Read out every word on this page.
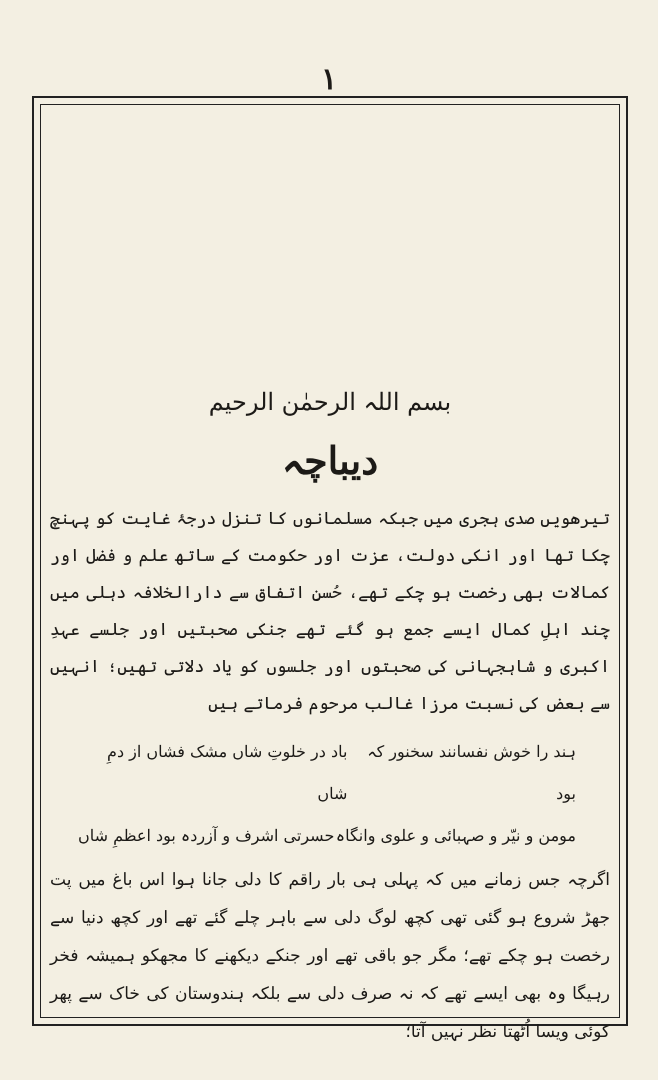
١
بسم اللہ الرحمٰن الرحیم
دیباچہ
تیرھویں صدی ہجری میں جبکہ مسلمانوں کا تنزل درجۂ غایت کو پہنچ چکا تھا اور انکی دولت، عزت اور حکومت کے ساتھ علم و فضل اور کمالات بھی رخصت ہو چکے تھے، حُسنِ اتفاق سے دارالخلافہ دہلی میں چند اہلِ کمال ایسے جمع ہو گئے تھے جنکی صحبتیں اور جلسے عہدِ اکبری و شاہجہانی کی صحبتوں اور جلسوں کو یاد دلاتی تھیں؛ انہیں سے بعض کی نسبت مرزا غالب مرحوم فرماتے ہیں
ہند را خوش نفسانند سخنور کہ بود
باد در خلوتِ شاں مشک فشاں از دمِ شاں
مومن و نیّر و صہبائی و علوی وانگاہ
حسرتی اشرف و آزردہ بود اعظمِ شاں
اگرچہ جس زمانے میں کہ پہلی ہی بار راقم کا دلی جانا ہوا اس باغ میں پت جھڑ شروع ہو گئی تھی کچھ لوگ دلی سے باہر چلے گئے تھے اور کچھ دنیا سے رخصت ہو چکے تھے؛ مگر جو باقی تھے اور جنکے دیکھنے کا مجھکو ہمیشہ فخر رہیگا وہ بھی ایسے تھے کہ نہ صرف دلی سے بلکہ ہندوستان کی خاک سے پھر کوئی ویسا اُٹھتا نظر نہیں آتا؛
